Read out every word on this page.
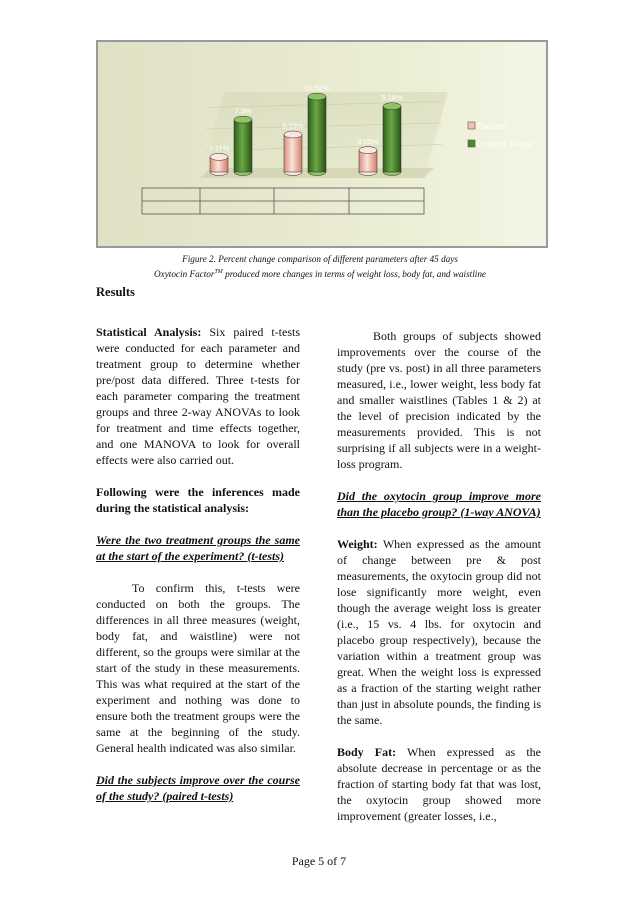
2.11%
5.23%
3.05%
7.3%
10.52%
9.18%
Placebo
Oxytocin Factor
Figure 2. Percent change comparison of different parameters after 45 days
Oxytocin Factor™ produced more changes in terms of weight loss, body fat, and waistline
Results

Statistical Analysis: Six paired t-tests were conducted for each parameter and treatment group to determine whether pre/post data differed. Three t-tests for each parameter comparing the treatment groups and three 2-way ANOVAs to look for treatment and time effects together, and one MANOVA to look for overall effects were also carried out.

Following were the inferences made during the statistical analysis:

Were the two treatment groups the same at the start of the experiment? (t-tests)

To confirm this, t-tests were conducted on both the groups. The differences in all three measures (weight, body fat, and waistline) were not different, so the groups were similar at the start of the study in these measurements. This was what required at the start of the experiment and nothing was done to ensure both the treatment groups were the same at the beginning of the study. General health indicated was also similar.

Did the subjects improve over the course of the study? (paired t-tests)

Both groups of subjects showed improvements over the course of the study (pre vs. post) in all three parameters measured, i.e., lower weight, less body fat and smaller waistlines (Tables 1 & 2) at the level of precision indicated by the measurements provided. This is not surprising if all subjects were in a weight-loss program.

Did the oxytocin group improve more than the placebo group? (1-way ANOVA)

Weight: When expressed as the amount of change between pre & post measurements, the oxytocin group did not lose significantly more weight, even though the average weight loss is greater (i.e., 15 vs. 4 lbs. for oxytocin and placebo group respectively), because the variation within a treatment group was great. When the weight loss is expressed as a fraction of the starting weight rather than just in absolute pounds, the finding is the same.

Body Fat: When expressed as the absolute decrease in percentage or as the fraction of starting body fat that was lost, the oxytocin group showed more improvement (greater losses, i.e.,

Page 5 of 7
